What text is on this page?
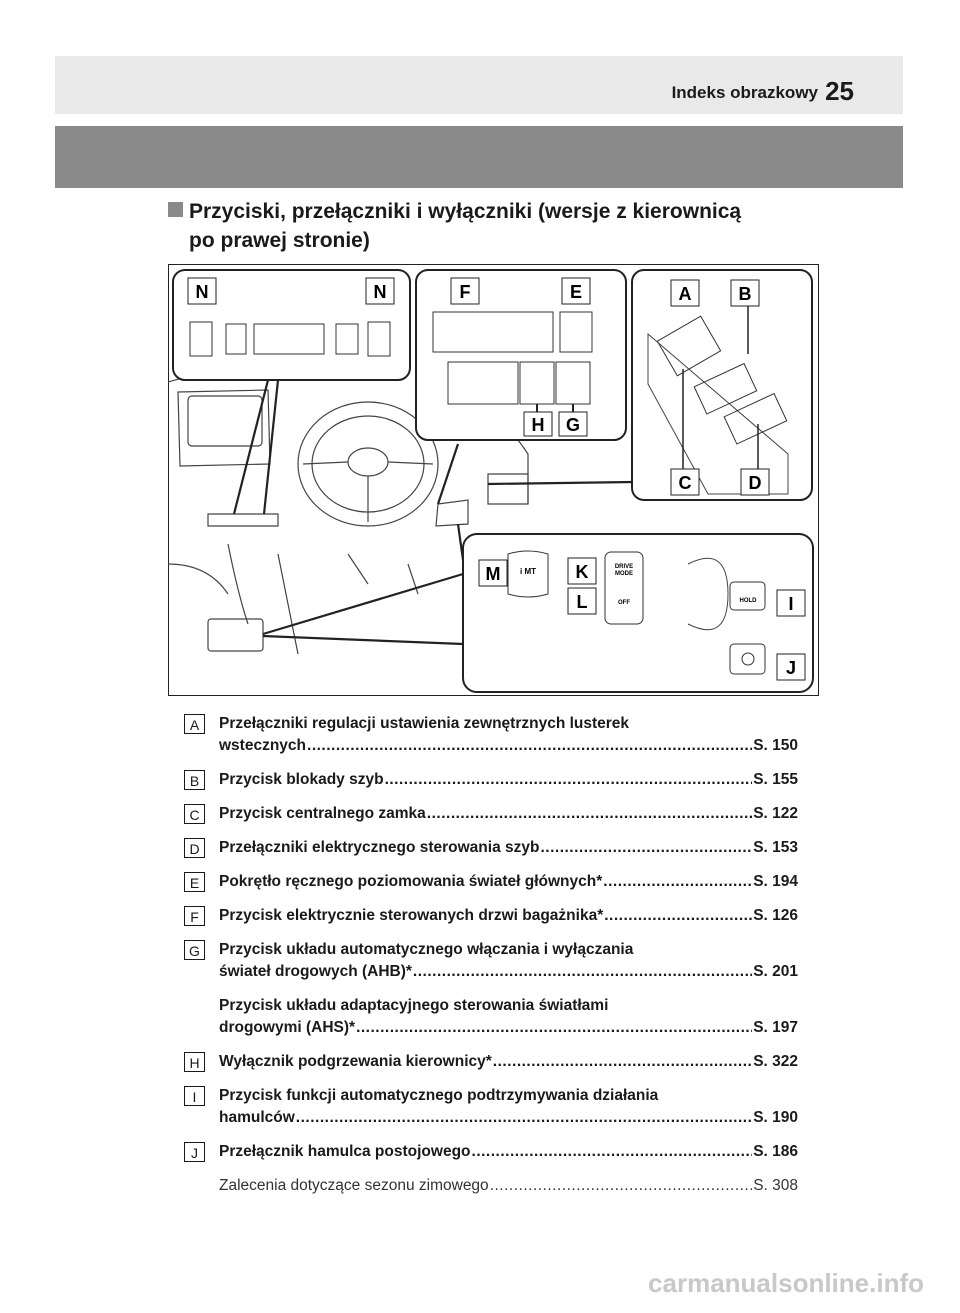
Indeks obrazkowy 25
Przyciski, przełączniki i wyłączniki (wersje z kierownicą
po prawej stronie)
N	N	F	E
H G
A	B
C	D
i MT	DRIVE
MODE
OFF	HOLD
M	K
L	I
J
A	Przełączniki regulacji ustawienia zewnętrznych lusterek
wstecznych .....	S. 150
B	Przycisk blokady szyb .....	S. 155
C	Przycisk centralnego zamka .....	S. 122
D	Przełączniki elektrycznego sterowania szyb .....	S. 153
E	Pokrętło ręcznego poziomowania świateł głównych* .....	S. 194
F	Przycisk elektrycznie sterowanych drzwi bagażnika* .....	S. 126
G	Przycisk układu automatycznego włączania i wyłączania
świateł drogowych (AHB)* .....	S. 201
Przycisk układu adaptacyjnego sterowania światłami
drogowymi (AHS)* .....	S. 197
H	Wyłącznik podgrzewania kierownicy* .....	S. 322
I	Przycisk funkcji automatycznego podtrzymywania działania
hamulców .....	S. 190
J	Przełącznik hamulca postojowego .....	S. 186
Zalecenia dotyczące sezonu zimowego .....	S. 308
carmanualsonline.info
